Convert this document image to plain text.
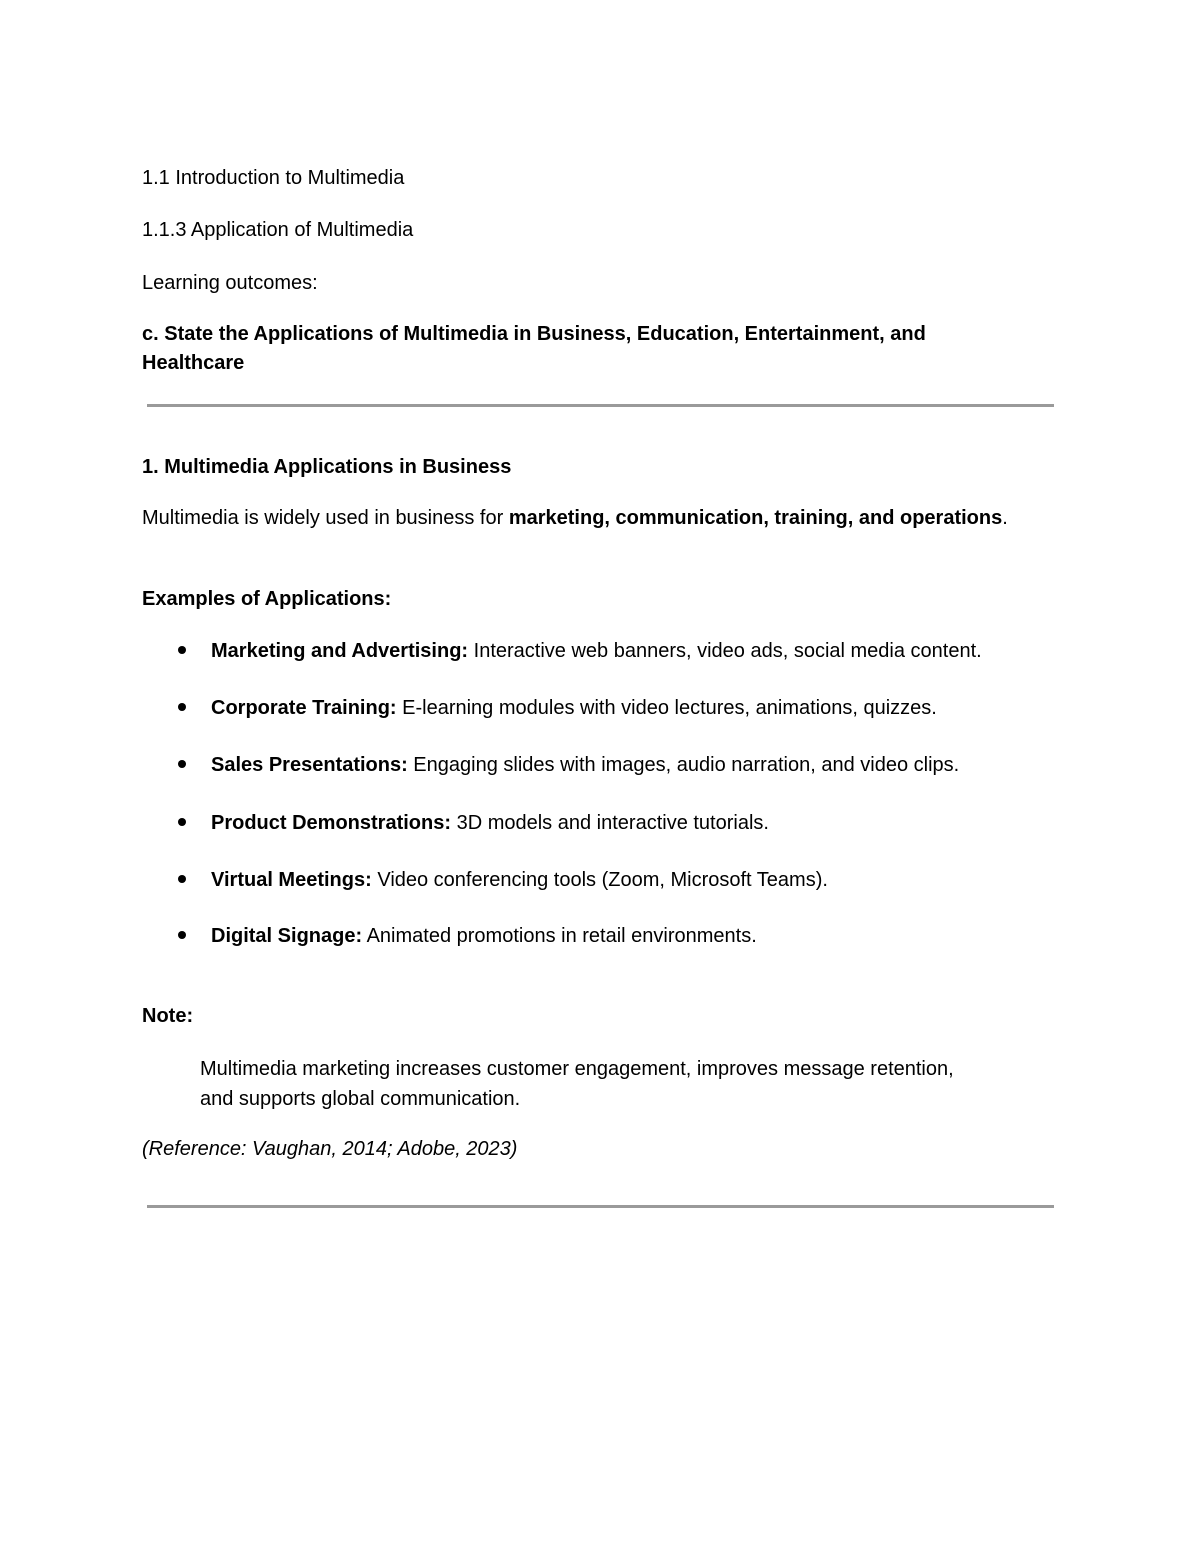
1.1 Introduction to Multimedia
1.1.3 Application of Multimedia
Learning outcomes:
c. State the Applications of Multimedia in Business, Education, Entertainment, and Healthcare
1. Multimedia Applications in Business
Multimedia is widely used in business for marketing, communication, training, and operations.
Examples of Applications:
Marketing and Advertising: Interactive web banners, video ads, social media content.
Corporate Training: E-learning modules with video lectures, animations, quizzes.
Sales Presentations: Engaging slides with images, audio narration, and video clips.
Product Demonstrations: 3D models and interactive tutorials.
Virtual Meetings: Video conferencing tools (Zoom, Microsoft Teams).
Digital Signage: Animated promotions in retail environments.
Note:
Multimedia marketing increases customer engagement, improves message retention, and supports global communication.
(Reference: Vaughan, 2014; Adobe, 2023)
